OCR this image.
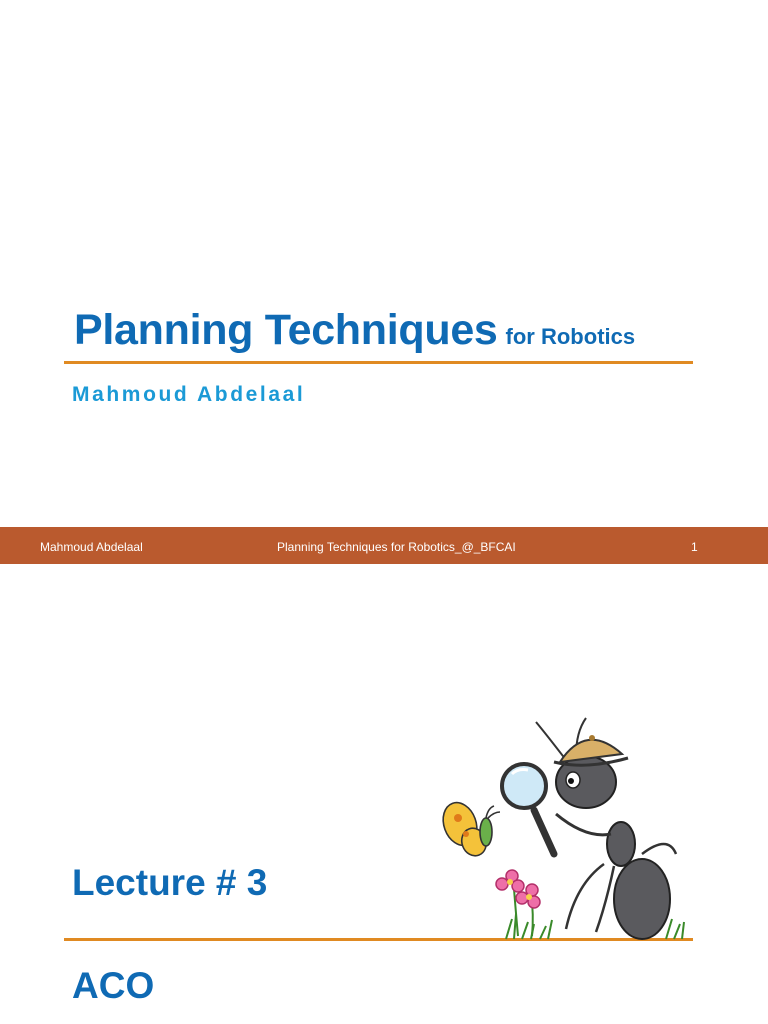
Planning Techniques for Robotics
Mahmoud Abdelaal
Mahmoud Abdelaal	Planning Techniques for Robotics_@_BFCAI	1
Lecture # 3
ACO
